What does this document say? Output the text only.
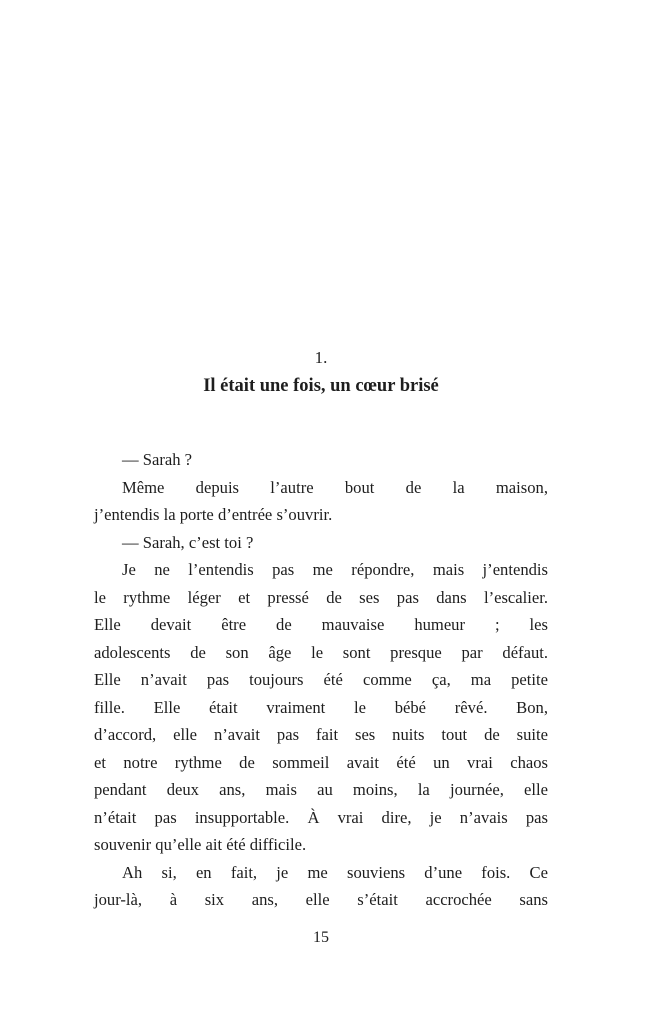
1.
Il était une fois, un cœur brisé

— Sarah ?

Même depuis l’autre bout de la maison,
j’entendis la porte d’entrée s’ouvrir.

— Sarah, c’est toi ?

Je ne l’entendis pas me répondre, mais j’entendis
le rythme léger et pressé de ses pas dans l’escalier.
Elle devait être de mauvaise humeur ; les
adolescents de son âge le sont presque par défaut.
Elle n’avait pas toujours été comme ça, ma petite
fille. Elle était vraiment le bébé rêvé. Bon,
d’accord, elle n’avait pas fait ses nuits tout de suite
et notre rythme de sommeil avait été un vrai chaos
pendant deux ans, mais au moins, la journée, elle
n’était pas insupportable. À vrai dire, je n’avais pas
souvenir qu’elle ait été difficile.

Ah si, en fait, je me souviens d’une fois. Ce
jour-là, à six ans, elle s’était accrochée sans

15
